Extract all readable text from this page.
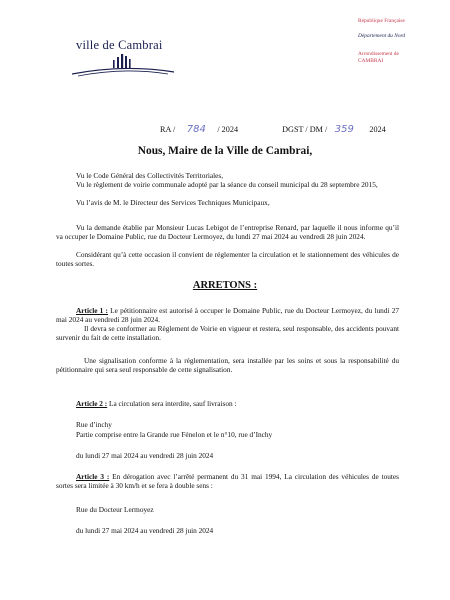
ville de Cambrai
République Française
Département du Nord
Arrondissement de
CAMBRAI
RA / 784 / 2024	DGST / DM / 359 2024
Nous, Maire de la Ville de Cambrai,
Vu le Code Général des Collectivités Territoriales,
Vu le règlement de voirie communale adopté par la séance du conseil municipal du 28 septembre 2015,
Vu l’avis de M. le Directeur des Services Techniques Municipaux,
Vu la demande établie par Monsieur Lucas Lebigot de l’entreprise Renard, par laquelle il nous informe qu’il va occuper le Domaine Public, rue du Docteur Lermoyez, du lundi 27 mai 2024 au vendredi 28 juin 2024.
Considérant qu’à cette occasion il convient de réglementer la circulation et le stationnement des véhicules de toutes sortes.
ARRETONS :
Article 1 : Le pétitionnaire est autorisé à occuper le Domaine Public, rue du Docteur Lermoyez, du lundi 27 mai 2024 au vendredi 28 juin 2024.
Il devra se conformer au Règlement de Voirie en vigueur et restera, seul responsable, des accidents pouvant survenir du fait de cette installation.
Une signalisation conforme à la réglementation, sera installée par les soins et sous la responsabilité du pétitionnaire qui sera seul responsable de cette signalisation.
Article 2 : La circulation sera interdite, sauf livraison :
Rue d’inchy
Partie comprise entre la Grande rue Fénelon et le n°10, rue d’Inchy
du lundi 27 mai 2024 au vendredi 28 juin 2024
Article 3 : En dérogation avec l’arrêté permanent du 31 mai 1994, La circulation des véhicules de toutes sortes sera limitée à 30 km/h et se fera à double sens :
Rue du Docteur Lermoyez
du lundi 27 mai 2024 au vendredi 28 juin 2024
